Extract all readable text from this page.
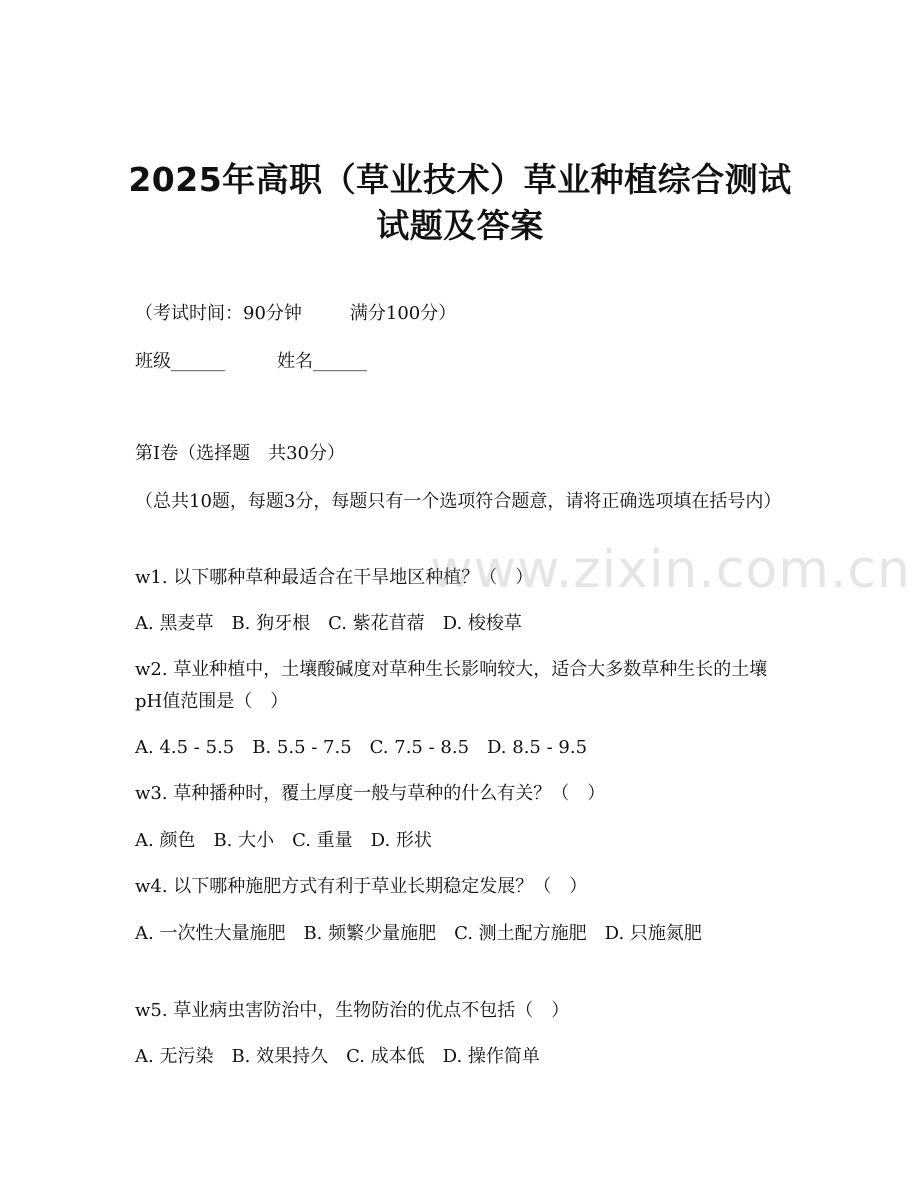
2025年高职（草业技术）草业种植综合测试
试题及答案

（考试时间：90分钟	满分100分）

班级______	姓名______

第Ⅰ卷（选择题　共30分）

（总共10题，每题3分，每题只有一个选项符合题意，请将正确选项填在括号内）

w1. 以下哪种草种最适合在干旱地区种植？（　）

A. 黑麦草　B. 狗牙根　C. 紫花苜蓿　D. 梭梭草

w2. 草业种植中，土壤酸碱度对草种生长影响较大，适合大多数草种生长的土壤pH值范围是（　）

A. 4.5 - 5.5　B. 5.5 - 7.5　C. 7.5 - 8.5　D. 8.5 - 9.5

w3. 草种播种时，覆土厚度一般与草种的什么有关？（　）

A. 颜色　B. 大小　C. 重量　D. 形状

w4. 以下哪种施肥方式有利于草业长期稳定发展？（　）

A. 一次性大量施肥　B. 频繁少量施肥　C. 测土配方施肥　D. 只施氮肥

w5. 草业病虫害防治中，生物防治的优点不包括（　）

A. 无污染　B. 效果持久　C. 成本低　D. 操作简单

www.zixin.com.cn
